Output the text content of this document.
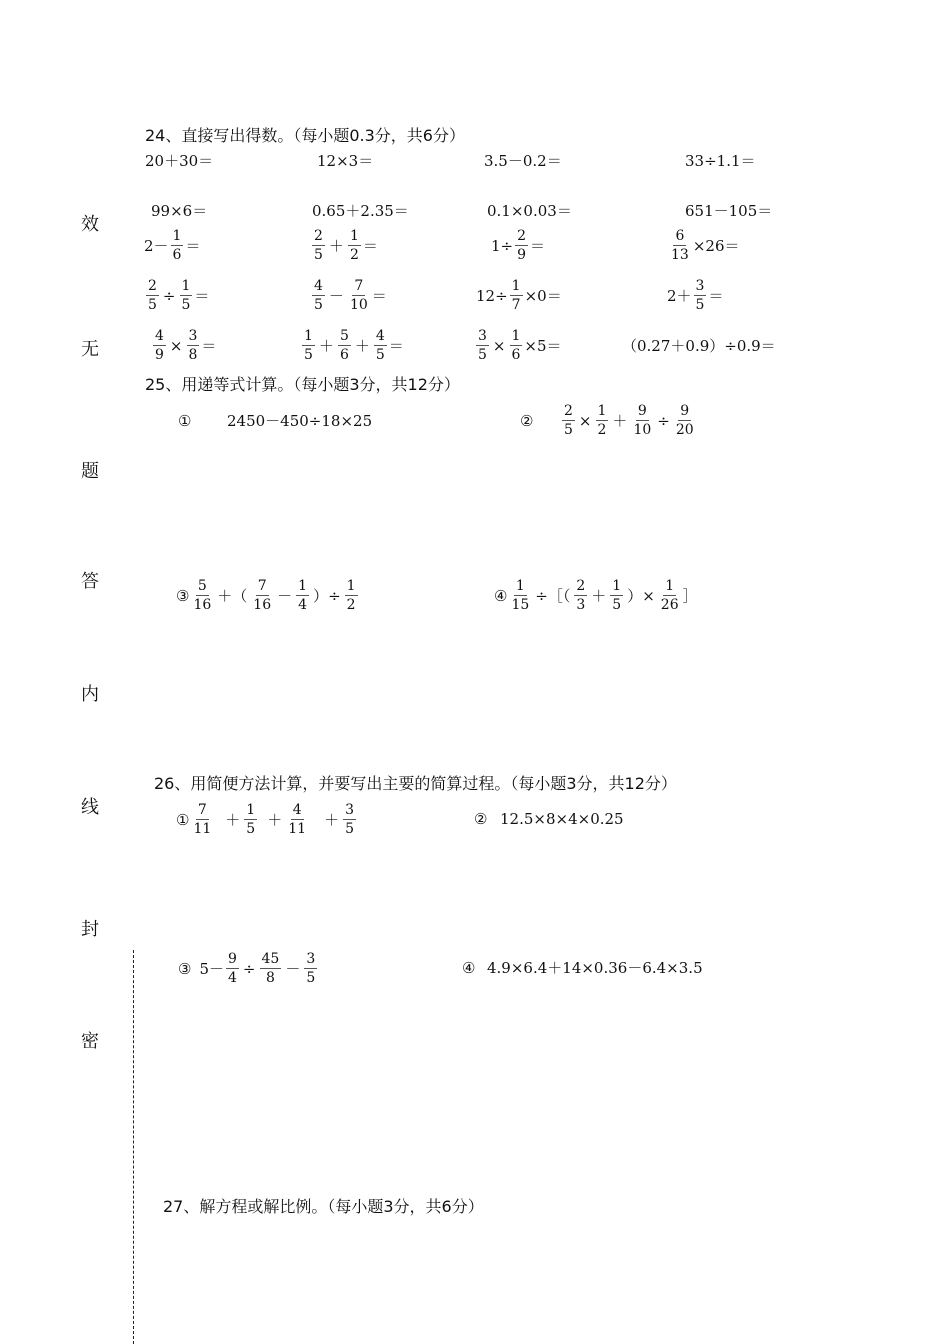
效
无
题
答
内
线
封
密
24、直接写出得数。（每小题0.3分，共6分）
20＋30＝	12×3＝	3.5－0.2＝	33÷1.1＝
99×6＝	0.65＋2.35＝	0.1×0.03＝	651－105＝
$2- \frac{1}{6}$ ＝	$\frac{2}{5} + \frac{1}{2}$ ＝	$1\div \frac{2}{9}$ ＝	$\frac{6}{13} \times 26=$
$\frac{2}{5} \div \frac{1}{5}$ ＝	$\frac{4}{5} - \frac{7}{10}$ ＝	$12\div \frac{1}{7} \times 0=$	$2+ \frac{3}{5}$ ＝
$\frac{4}{9} \times \frac{3}{8}$ ＝	$\frac{1}{5} + \frac{5}{6} + \frac{4}{5}$ ＝	$\frac{3}{5} \times \frac{1}{6} \times 5=$	（0.27＋0.9）÷0.9＝
25、用递等式计算。（每小题3分，共12分）
① 2450－450÷18×25	② $\frac{2}{5} \times \frac{1}{2} + \frac{9}{10} \div \frac{9}{20}$
③ $\frac{5}{16}$ ＋（ $\frac{7}{16} - \frac{1}{4}$ ）÷ $\frac{1}{2}$	④ $\frac{1}{15}$ ÷［（ $\frac{2}{3} + \frac{1}{5}$ ）× $\frac{1}{26}$ ］
26、用简便方法计算，并要写出主要的简算过程。（每小题3分，共12分）
① $\frac{7}{11} + \frac{1}{5} + \frac{4}{11} + \frac{3}{5}$	② 12.5×8×4×0.25
③ $5- \frac{9}{4} \div \frac{45}{8} - \frac{3}{5}$	④ 4.9×6.4＋14×0.36－6.4×3.5
27、解方程或解比例。（每小题3分，共6分）
